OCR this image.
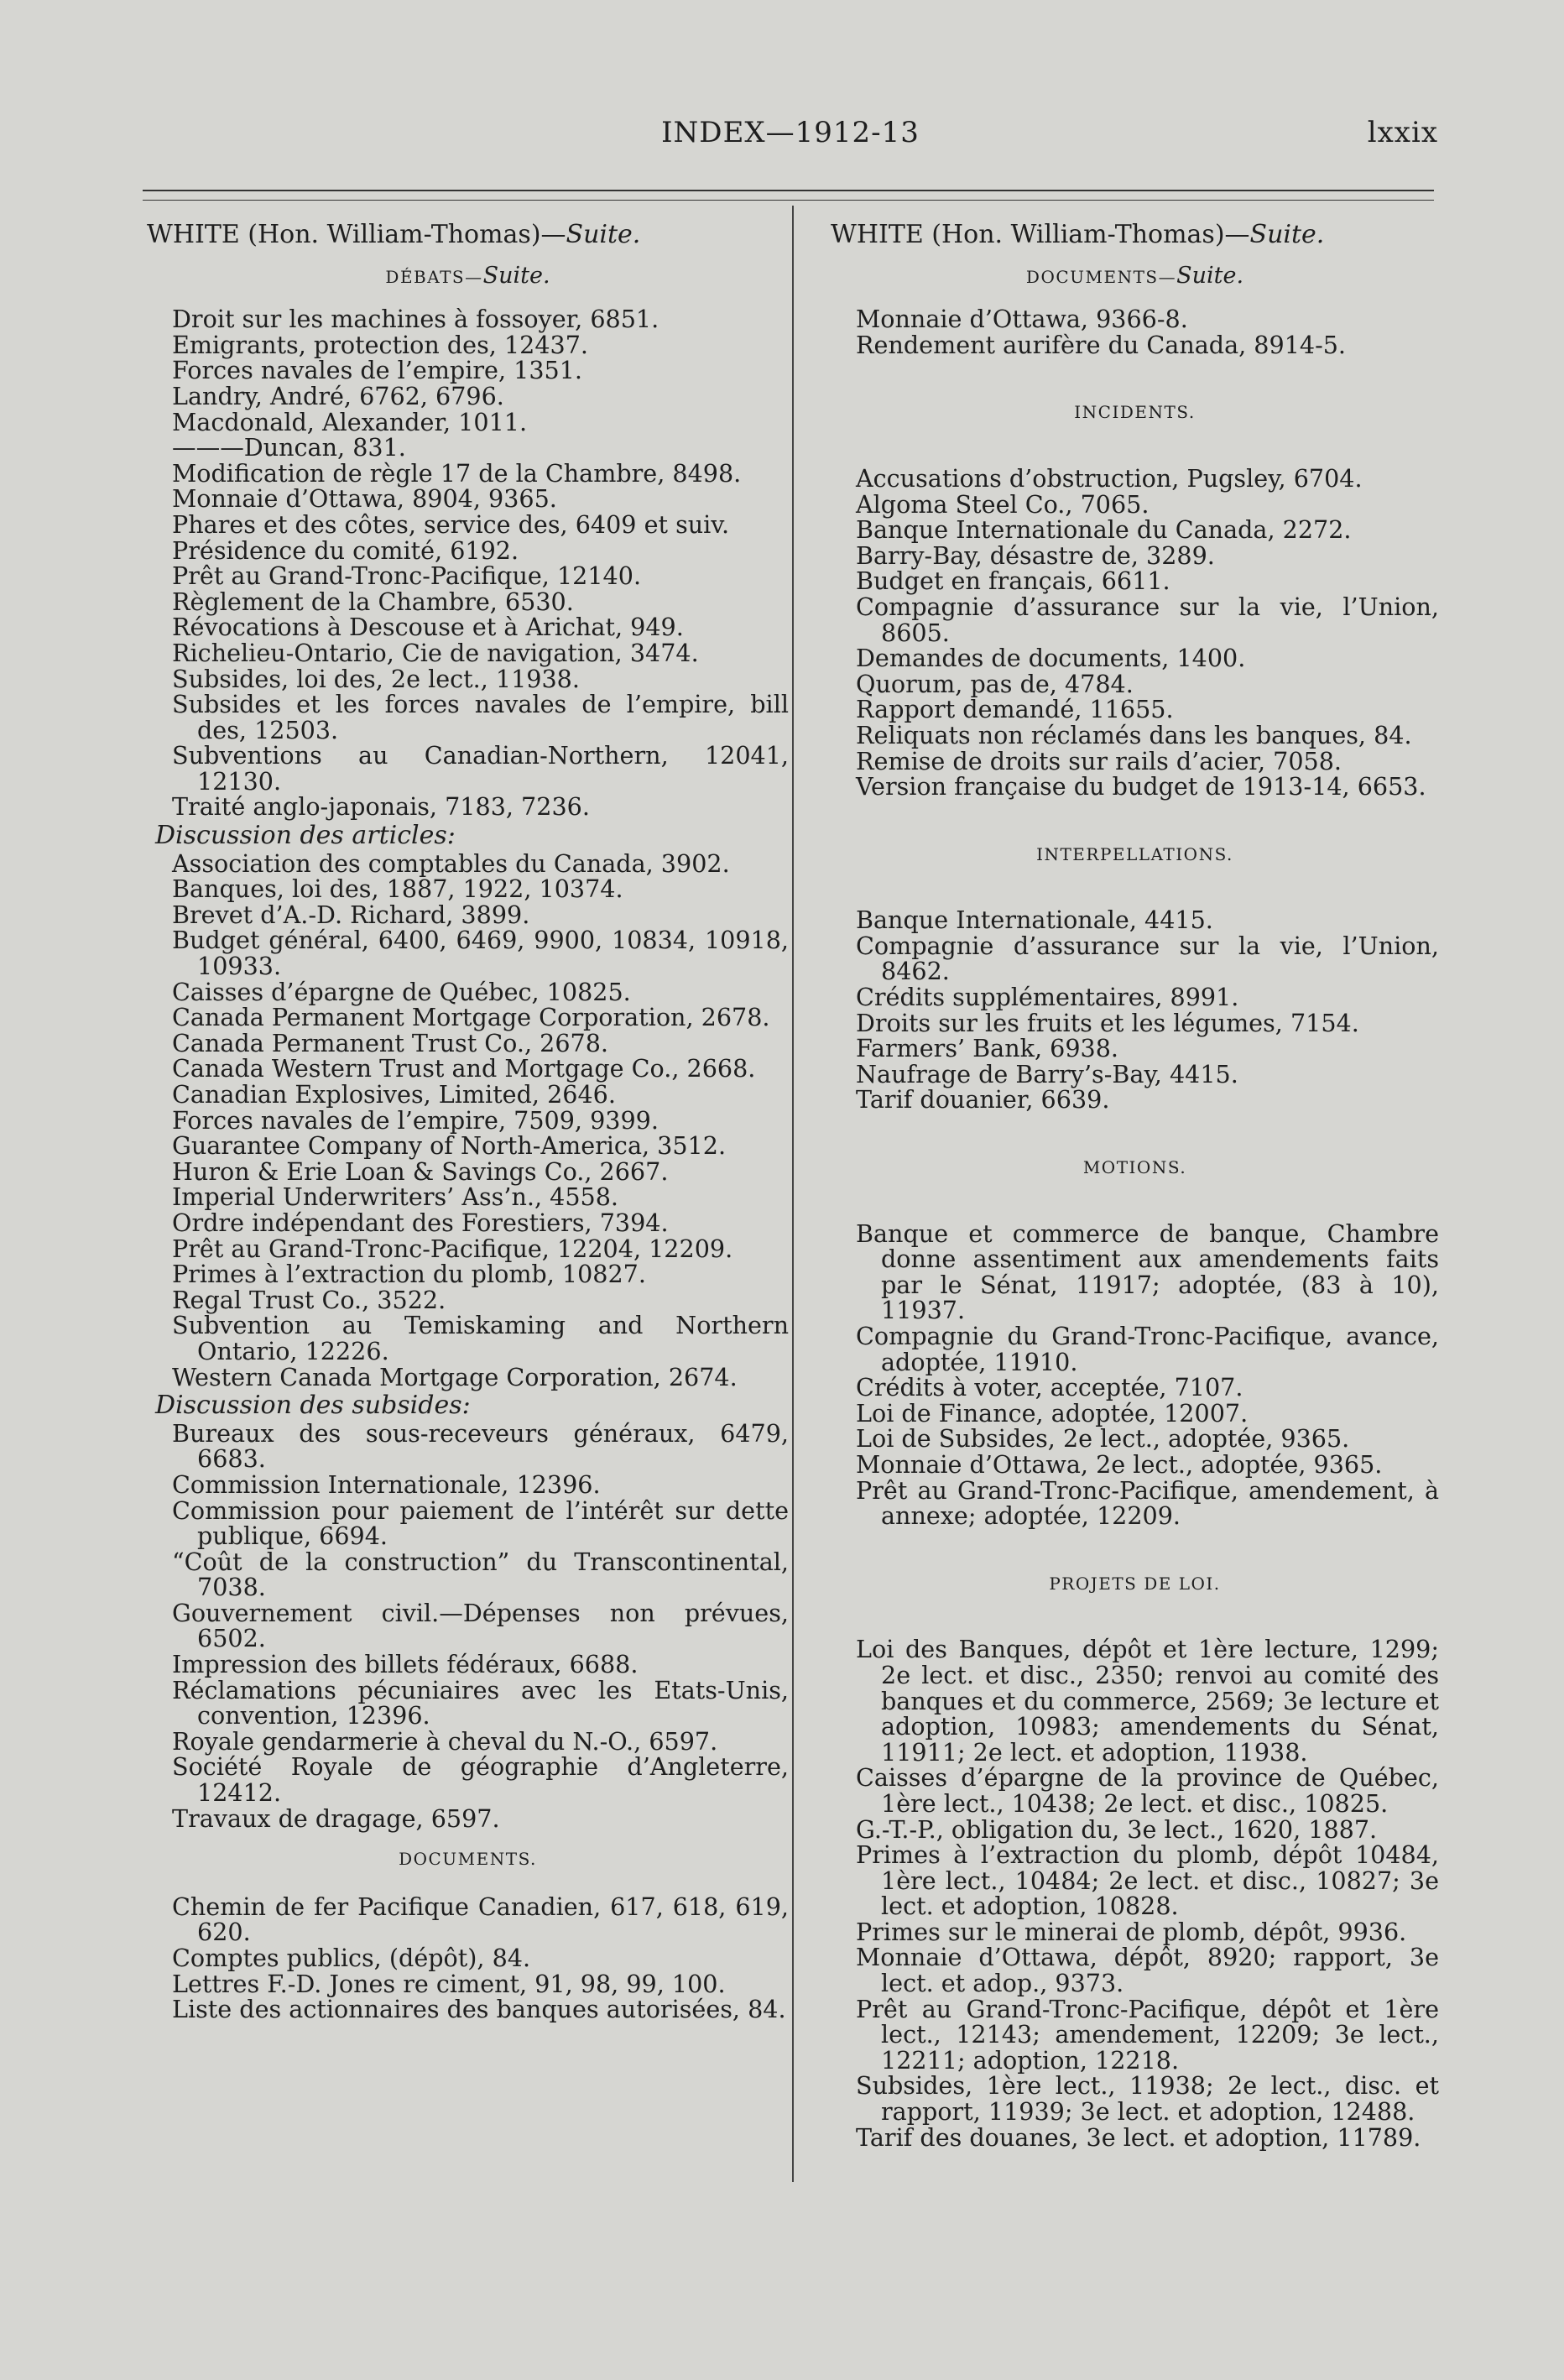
INDEX—1912-13	lxxix
WHITE (Hon. William-Thomas)—Suite.
DÉBATS—Suite.
Droit sur les machines à fossoyer, 6851.
Emigrants, protection des, 12437.
Forces navales de l’empire, 1351.
Landry, André, 6762, 6796.
Macdonald, Alexander, 1011.
———Duncan, 831.
Modification de règle 17 de la Chambre, 8498.
Monnaie d’Ottawa, 8904, 9365.
Phares et des côtes, service des, 6409 et suiv.
Présidence du comité, 6192.
Prêt au Grand-Tronc-Pacifique, 12140.
Règlement de la Chambre, 6530.
Révocations à Descouse et à Arichat, 949.
Richelieu-Ontario, Cie de navigation, 3474.
Subsides, loi des, 2e lect., 11938.
Subsides et les forces navales de l’empire, bill des, 12503.
Subventions au Canadian-Northern, 12041, 12130.
Traité anglo-japonais, 7183, 7236.
Discussion des articles:
Association des comptables du Canada, 3902.
Banques, loi des, 1887, 1922, 10374.
Brevet d’A.-D. Richard, 3899.
Budget général, 6400, 6469, 9900, 10834, 10918, 10933.
Caisses d’épargne de Québec, 10825.
Canada Permanent Mortgage Corporation, 2678.
Canada Permanent Trust Co., 2678.
Canada Western Trust and Mortgage Co., 2668.
Canadian Explosives, Limited, 2646.
Forces navales de l’empire, 7509, 9399.
Guarantee Company of North-America, 3512.
Huron & Erie Loan & Savings Co., 2667.
Imperial Underwriters’ Ass’n., 4558.
Ordre indépendant des Forestiers, 7394.
Prêt au Grand-Tronc-Pacifique, 12204, 12209.
Primes à l’extraction du plomb, 10827.
Regal Trust Co., 3522.
Subvention au Temiskaming and Northern Ontario, 12226.
Western Canada Mortgage Corporation, 2674.
Discussion des subsides:
Bureaux des sous-receveurs généraux, 6479, 6683.
Commission Internationale, 12396.
Commission pour paiement de l’intérêt sur dette publique, 6694.
“Coût de la construction” du Transcontinental, 7038.
Gouvernement civil.—Dépenses non prévues, 6502.
Impression des billets fédéraux, 6688.
Réclamations pécuniaires avec les Etats-Unis, convention, 12396.
Royale gendarmerie à cheval du N.-O., 6597.
Société Royale de géographie d’Angleterre, 12412.
Travaux de dragage, 6597.
DOCUMENTS.
Chemin de fer Pacifique Canadien, 617, 618, 619, 620.
Comptes publics, (dépôt), 84.
Lettres F.-D. Jones re ciment, 91, 98, 99, 100.
Liste des actionnaires des banques autorisées, 84.
WHITE (Hon. William-Thomas)—Suite.
DOCUMENTS—Suite.
Monnaie d’Ottawa, 9366-8.
Rendement aurifère du Canada, 8914-5.
INCIDENTS.
Accusations d’obstruction, Pugsley, 6704.
Algoma Steel Co., 7065.
Banque Internationale du Canada, 2272.
Barry-Bay, désastre de, 3289.
Budget en français, 6611.
Compagnie d’assurance sur la vie, l’Union, 8605.
Demandes de documents, 1400.
Quorum, pas de, 4784.
Rapport demandé, 11655.
Reliquats non réclamés dans les banques, 84.
Remise de droits sur rails d’acier, 7058.
Version française du budget de 1913-14, 6653.
INTERPELLATIONS.
Banque Internationale, 4415.
Compagnie d’assurance sur la vie, l’Union, 8462.
Crédits supplémentaires, 8991.
Droits sur les fruits et les légumes, 7154.
Farmers’ Bank, 6938.
Naufrage de Barry’s-Bay, 4415.
Tarif douanier, 6639.
MOTIONS.
Banque et commerce de banque, Chambre donne assentiment aux amendements faits par le Sénat, 11917; adoptée, (83 à 10), 11937.
Compagnie du Grand-Tronc-Pacifique, avance, adoptée, 11910.
Crédits à voter, acceptée, 7107.
Loi de Finance, adoptée, 12007.
Loi de Subsides, 2e lect., adoptée, 9365.
Monnaie d’Ottawa, 2e lect., adoptée, 9365.
Prêt au Grand-Tronc-Pacifique, amendement, à annexe; adoptée, 12209.
PROJETS DE LOI.
Loi des Banques, dépôt et 1ère lecture, 1299; 2e lect. et disc., 2350; renvoi au comité des banques et du commerce, 2569; 3e lecture et adoption, 10983; amendements du Sénat, 11911; 2e lect. et adoption, 11938.
Caisses d’épargne de la province de Québec, 1ère lect., 10438; 2e lect. et disc., 10825.
G.-T.-P., obligation du, 3e lect., 1620, 1887.
Primes à l’extraction du plomb, dépôt 10484, 1ère lect., 10484; 2e lect. et disc., 10827; 3e lect. et adoption, 10828.
Primes sur le minerai de plomb, dépôt, 9936.
Monnaie d’Ottawa, dépôt, 8920; rapport, 3e lect. et adop., 9373.
Prêt au Grand-Tronc-Pacifique, dépôt et 1ère lect., 12143; amendement, 12209; 3e lect., 12211; adoption, 12218.
Subsides, 1ère lect., 11938; 2e lect., disc. et rapport, 11939; 3e lect. et adoption, 12488.
Tarif des douanes, 3e lect. et adoption, 11789.
